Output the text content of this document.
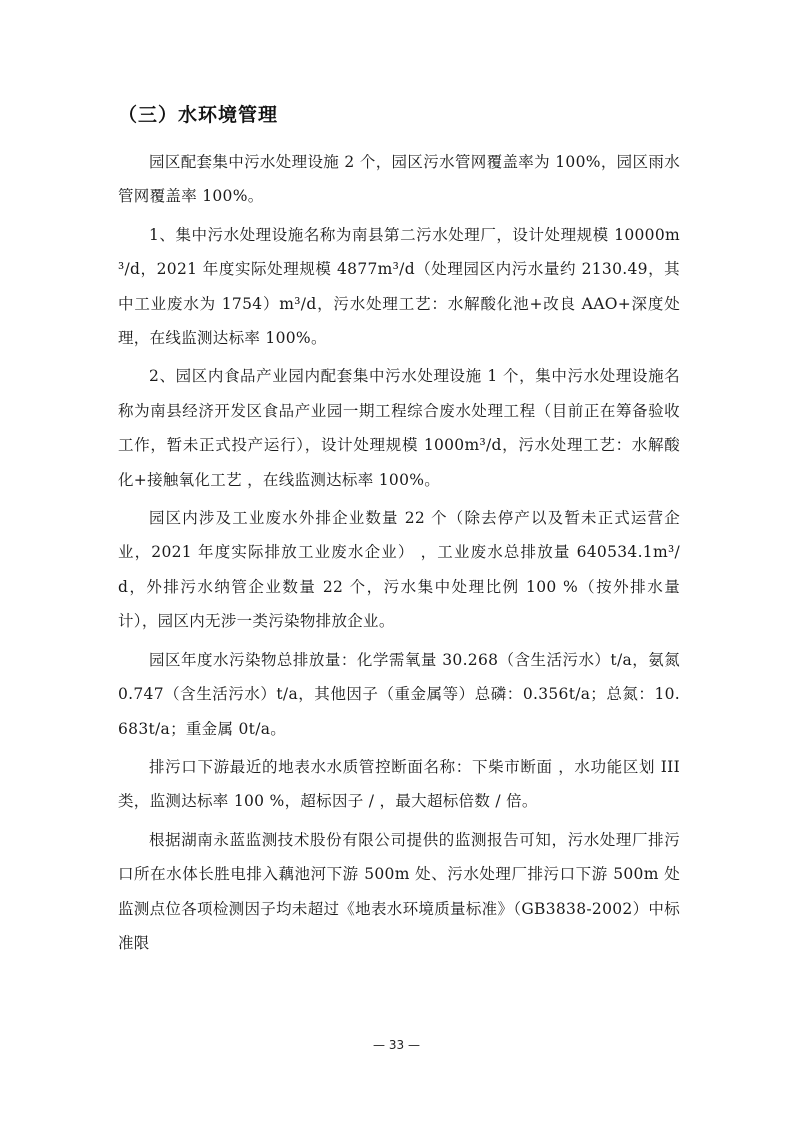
（三）水环境管理

园区配套集中污水处理设施 2 个，园区污水管网覆盖率为 100%，园区雨水管网覆盖率 100%。

1、集中污水处理设施名称为南县第二污水处理厂，设计处理规模 10000m³/d，2021 年度实际处理规模 4877m³/d（处理园区内污水量约 2130.49，其中工业废水为 1754）m³/d，污水处理工艺：水解酸化池+改良 AAO+深度处理，在线监测达标率 100%。

2、园区内食品产业园内配套集中污水处理设施 1 个，集中污水处理设施名称为南县经济开发区食品产业园一期工程综合废水处理工程（目前正在筹备验收工作，暂未正式投产运行），设计处理规模 1000m³/d，污水处理工艺：水解酸化+接触氧化工艺 ，在线监测达标率 100%。

园区内涉及工业废水外排企业数量 22 个（除去停产以及暂未正式运营企业，2021 年度实际排放工业废水企业） ，工业废水总排放量 640534.1m³/d，外排污水纳管企业数量 22 个，污水集中处理比例 100 %（按外排水量计），园区内无涉一类污染物排放企业。

园区年度水污染物总排放量：化学需氧量 30.268（含生活污水）t/a，氨氮 0.747（含生活污水）t/a，其他因子（重金属等）总磷：0.356t/a；总氮：10.683t/a；重金属 0t/a。

排污口下游最近的地表水水质管控断面名称：下柴市断面 ，水功能区划 III 类，监测达标率 100 %，超标因子 / ，最大超标倍数 / 倍。

根据湖南永蓝监测技术股份有限公司提供的监测报告可知，污水处理厂排污口所在水体长胜电排入藕池河下游 500m 处、污水处理厂排污口下游 500m 处监测点位各项检测因子均未超过《地表水环境质量标准》（GB3838-2002）中标准限

— 33 —
